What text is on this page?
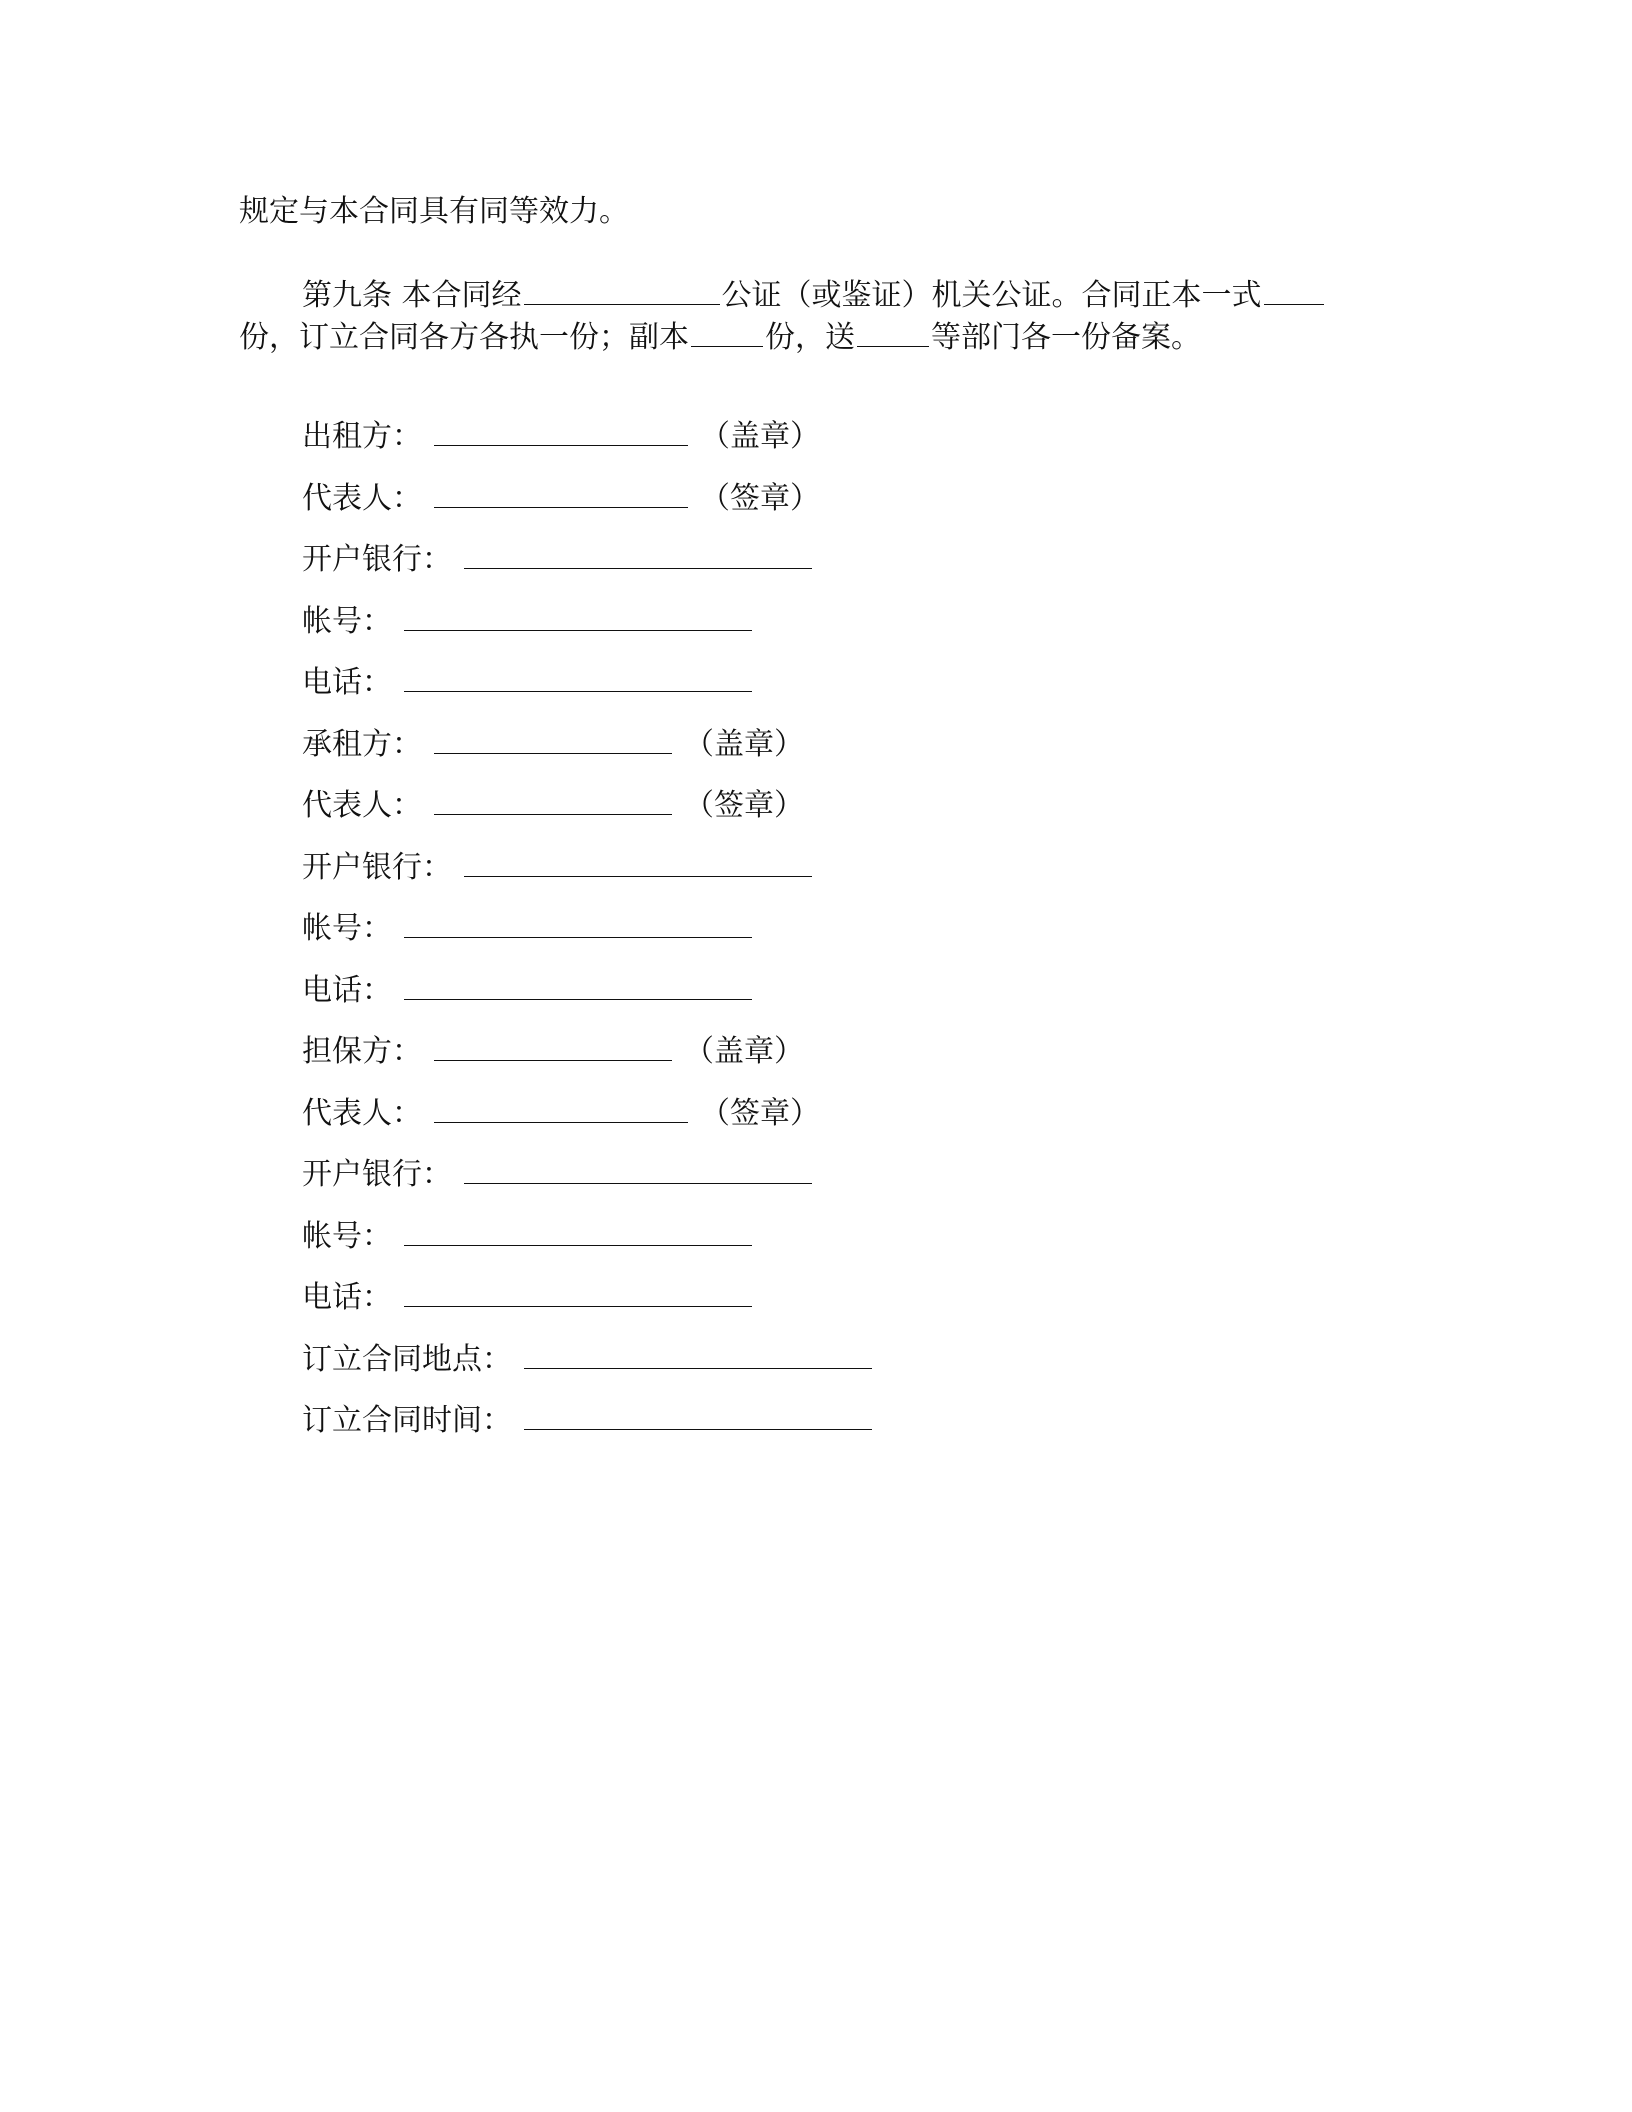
规定与本合同具有同等效力。
第九条 本合同经	公证（或鉴证）机关公证。合同正本一式
份，订立合同各方各执一份；副本	份，送	等部门各一份备案。
出租方：	（盖章）
代表人：	（签章）
开户银行：
帐号：
电话：
承租方：	（盖章）
代表人：	（签章）
开户银行：
帐号：
电话：
担保方：	（盖章）
代表人：	（签章）
开户银行：
帐号：
电话：
订立合同地点：
订立合同时间：
